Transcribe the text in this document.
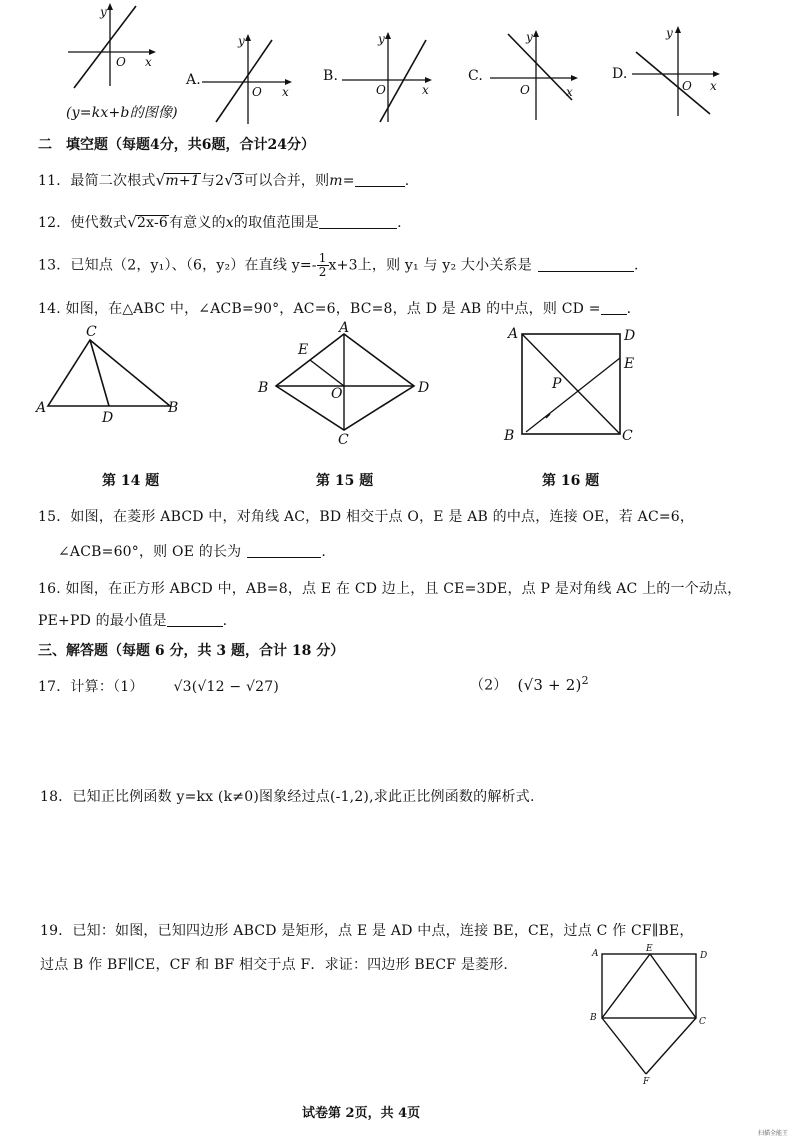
y
x
O
(y=kx+b的图像)
A.
y
x
O
B.
y
x
O
C.
y
x
O
D.
y
x
O
二　填空题（每题4分，共6题，合计24分）
11．最简二次根式√m+1与2√3可以合并，则m=	.
12．使代数式√2x-6有意义的x的取值范围是	.
13．已知点（2，y₁）、（6，y₂）在直线 $y=- \frac{1}{2} x+3$上，则 y₁ 与 y₂ 大小关系是	.
14. 如图，在△ABC 中，∠ACB=90°，AC=6，BC=8，点 D 是 AB 的中点，则 CD = .
C
A	B
D
A
E
B	D
O
C
A	D
E
P
B	C
第 14 题	第 15 题	第 16 题
15．如图，在菱形 ABCD 中，对角线 AC，BD 相交于点 O，E 是 AB 的中点，连接 OE，若 AC=6，
∠ACB=60°，则 OE 的长为	.
16. 如图，在正方形 ABCD 中，AB=8，点 E 在 CD 边上，且 CE=3DE，点 P 是对角线 AC 上的一个动点，
PE+PD 的最小值是	.
三、解答题（每题 6 分，共 3 题，合计 18 分）
17．计算：（1） √3(√12 − √27)	（2） $(√3 + 2)^2$
18．已知正比例函数 y=kx (k≠0)图象经过点(-1,2),求此正比例函数的解析式.
19．已知：如图，已知四边形 ABCD 是矩形，点 E 是 AD 中点，连接 BE，CE，过点 C 作 CF∥BE，
过点 B 作 BF∥CE，CF 和 BF 相交于点 F．求证：四边形 BECF 是菱形.
A	E
D
B	C
F
试卷第 2页，共 4页
扫描全能王
